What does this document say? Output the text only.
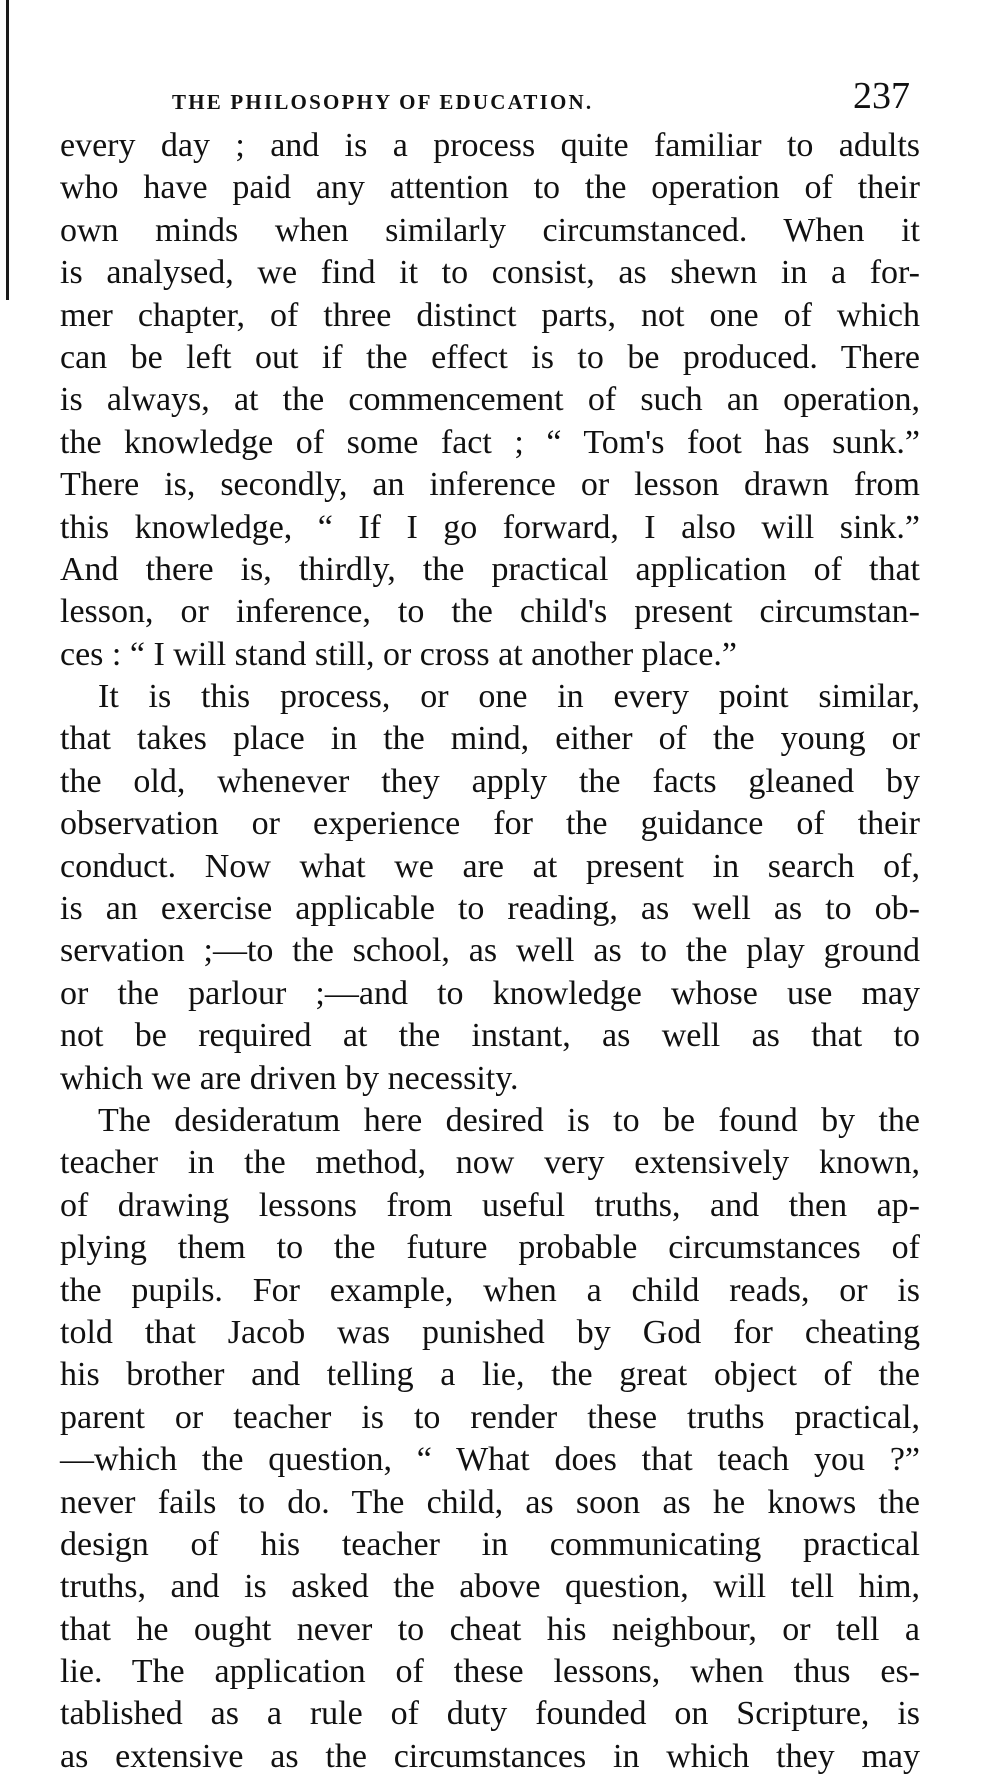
THE PHILOSOPHY OF EDUCATION.	237
every day ; and is a process quite familiar to adults
who have paid any attention to the operation of their
own minds when similarly circumstanced. When it
is analysed, we find it to consist, as shewn in a for-
mer chapter, of three distinct parts, not one of which
can be left out if the effect is to be produced. There
is always, at the commencement of such an operation,
the knowledge of some fact ; “ Tom's foot has sunk.”
There is, secondly, an inference or lesson drawn from
this knowledge, “ If I go forward, I also will sink.”
And there is, thirdly, the practical application of that
lesson, or inference, to the child's present circumstan-
ces : “ I will stand still, or cross at another place.”
It is this process, or one in every point similar,
that takes place in the mind, either of the young or
the old, whenever they apply the facts gleaned by
observation or experience for the guidance of their
conduct. Now what we are at present in search of,
is an exercise applicable to reading, as well as to ob-
servation ;—to the school, as well as to the play ground
or the parlour ;—and to knowledge whose use may
not be required at the instant, as well as that to
which we are driven by necessity.
The desideratum here desired is to be found by the
teacher in the method, now very extensively known,
of drawing lessons from useful truths, and then ap-
plying them to the future probable circumstances of
the pupils. For example, when a child reads, or is
told that Jacob was punished by God for cheating
his brother and telling a lie, the great object of the
parent or teacher is to render these truths practical,
—which the question, “ What does that teach you ?”
never fails to do. The child, as soon as he knows the
design of his teacher in communicating practical
truths, and is asked the above question, will tell him,
that he ought never to cheat his neighbour, or tell a
lie. The application of these lessons, when thus es-
tablished as a rule of duty founded on Scripture, is
as extensive as the circumstances in which they may
